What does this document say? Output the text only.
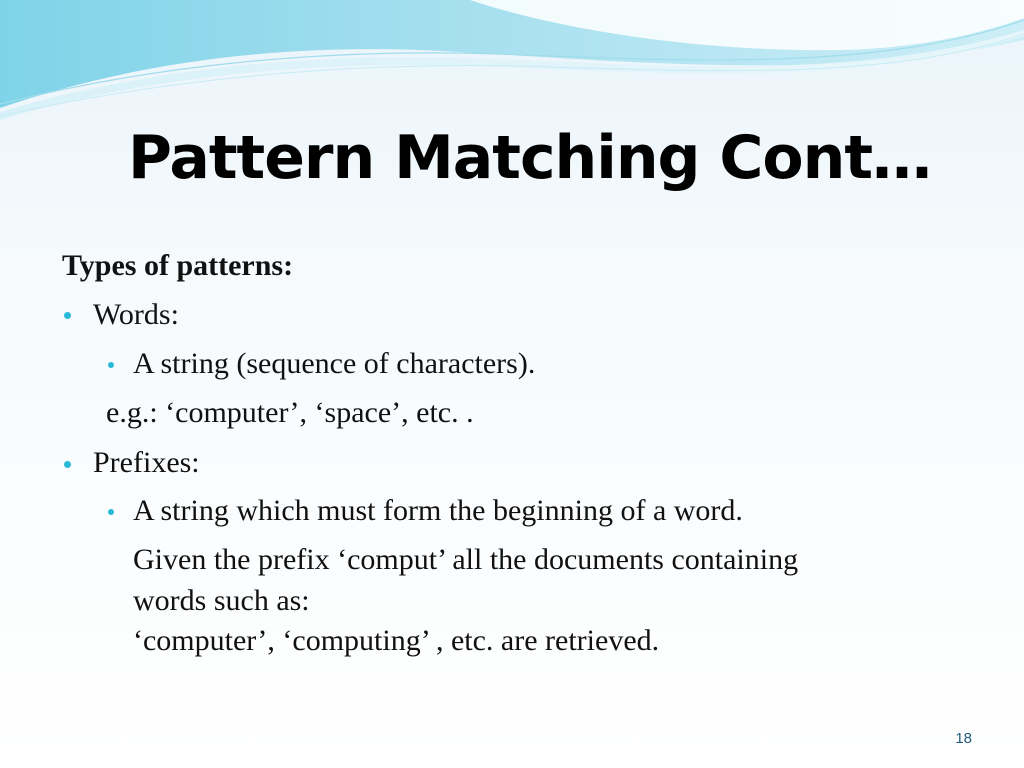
Pattern Matching Cont…
Types of patterns:
Words:
A string (sequence of characters).
e.g.: ‘computer’, ‘space’, etc. .
Prefixes:
A string which must form the beginning of a word.
Given the prefix ‘comput’ all the documents containing
words such as:
‘computer’, ‘computing’ , etc. are retrieved.
18
